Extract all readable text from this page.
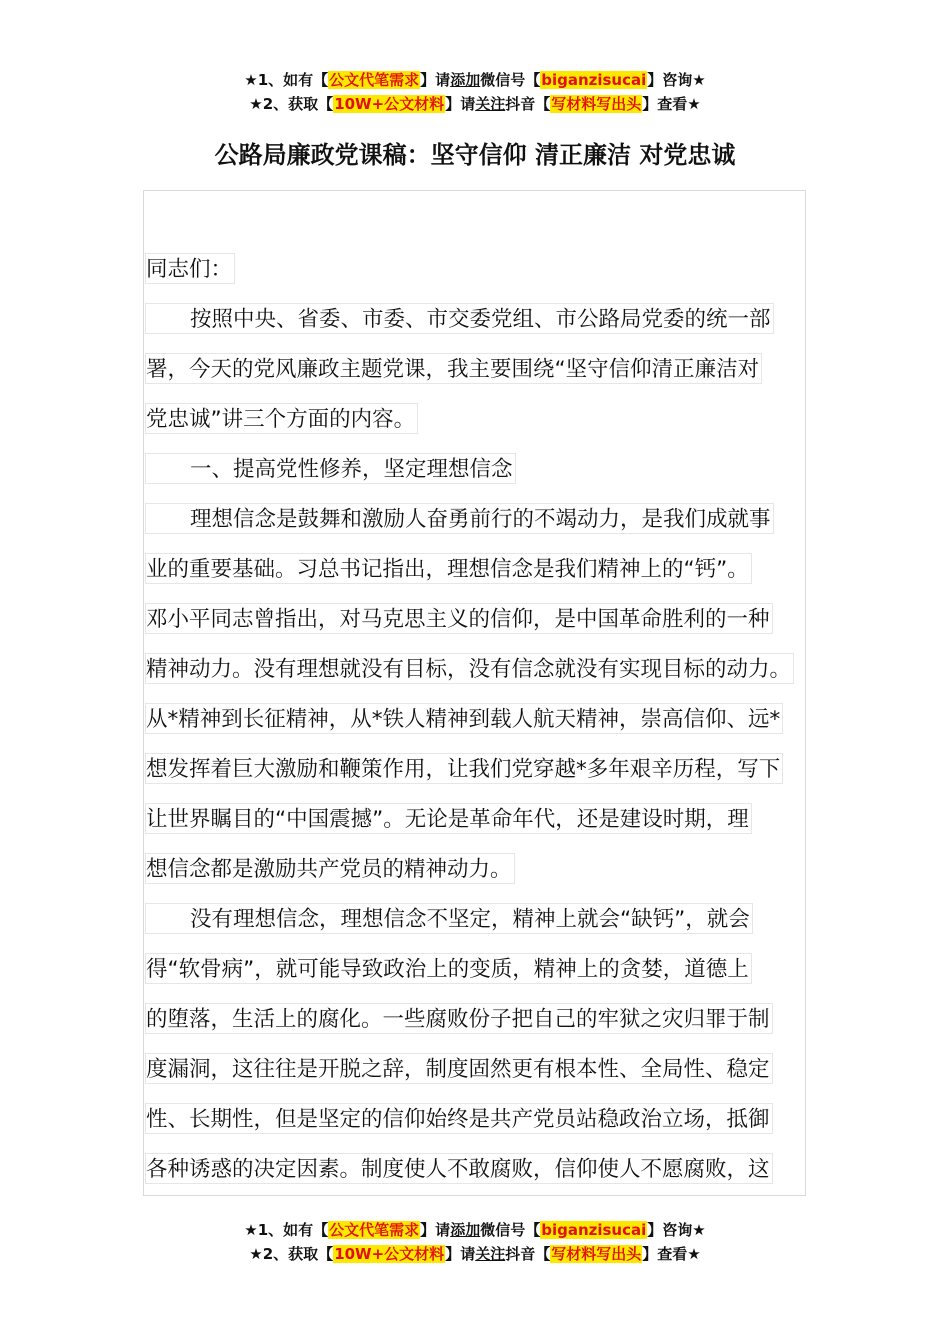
★1、如有【公文代笔需求】请添加微信号【biganzisucai】咨询★
★2、获取【10W+公文材料】请关注抖音【写材料写出头】查看★
公路局廉政党课稿：坚守信仰 清正廉洁 对党忠诚
同志们：
按照中央、省委、市委、市交委党组、市公路局党委的统一部
署，今天的党风廉政主题党课，我主要围绕“坚守信仰清正廉洁对
党忠诚”讲三个方面的内容。
一、提高党性修养，坚定理想信念
理想信念是鼓舞和激励人奋勇前行的不竭动力，是我们成就事
业的重要基础。习总书记指出，理想信念是我们精神上的“钙”。
邓小平同志曾指出，对马克思主义的信仰，是中国革命胜利的一种
精神动力。没有理想就没有目标，没有信念就没有实现目标的动力。
从*精神到长征精神，从*铁人精神到载人航天精神，崇高信仰、远*
想发挥着巨大激励和鞭策作用，让我们党穿越*多年艰辛历程，写下
让世界瞩目的“中国震撼”。无论是革命年代，还是建设时期，理
想信念都是激励共产党员的精神动力。
没有理想信念，理想信念不坚定，精神上就会“缺钙”，就会
得“软骨病”，就可能导致政治上的变质，精神上的贪婪，道德上
的堕落，生活上的腐化。一些腐败份子把自己的牢狱之灾归罪于制
度漏洞，这往往是开脱之辞，制度固然更有根本性、全局性、稳定
性、长期性，但是坚定的信仰始终是共产党员站稳政治立场，抵御
各种诱惑的决定因素。制度使人不敢腐败，信仰使人不愿腐败，这
★1、如有【公文代笔需求】请添加微信号【biganzisucai】咨询★
★2、获取【10W+公文材料】请关注抖音【写材料写出头】查看★
